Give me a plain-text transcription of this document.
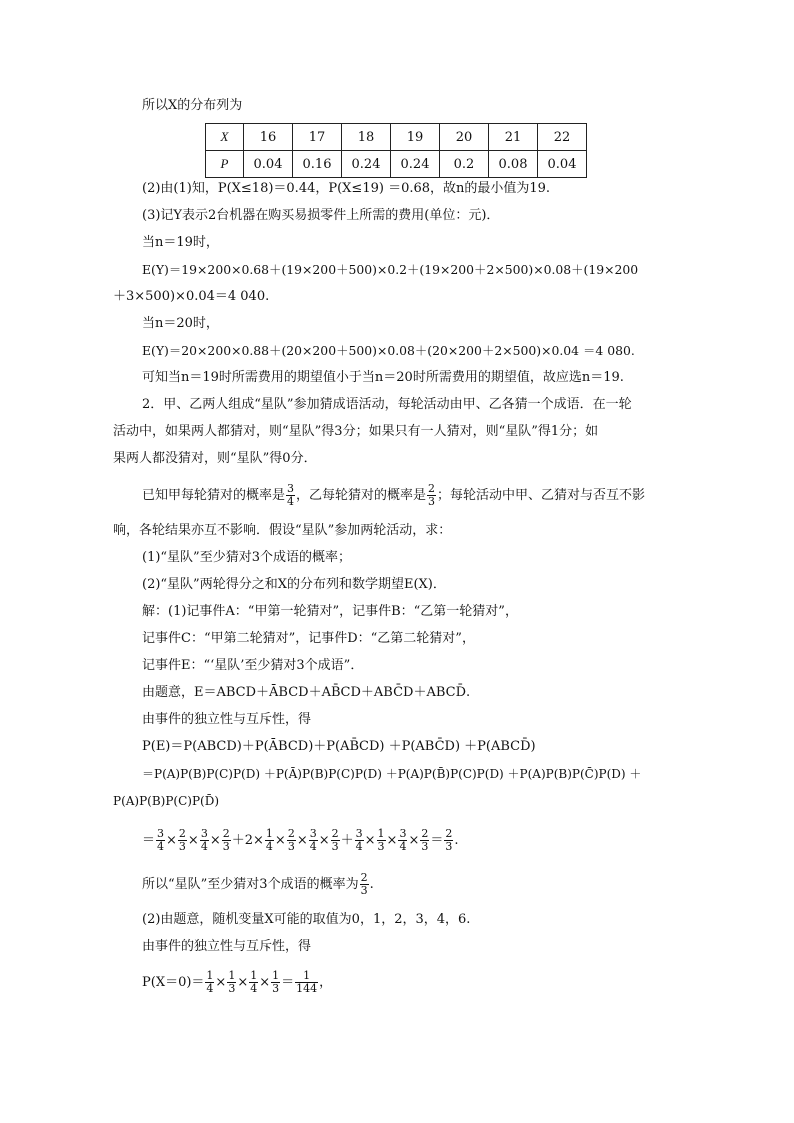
所以X的分布列为
X	16	17	18	19	20	21	22
P	0.04	0.16	0.24	0.24	0.2	0.08	0.04
(2)由(1)知，P(X≤18)＝0.44，P(X≤19) ＝0.68，故n的最小值为19.
(3)记Y表示2台机器在购买易损零件上所需的费用(单位：元)．
当n＝19时，
E(Y)＝19×200×0.68＋(19×200＋500)×0.2＋(19×200＋2×500)×0.08＋(19×200
＋3×500)×0.04＝4 040.
当n＝20时，
E(Y)＝20×200×0.88＋(20×200＋500)×0.08＋(20×200＋2×500)×0.04 ＝4 080.
可知当n＝19时所需费用的期望值小于当n＝20时所需费用的期望值，故应选n＝19.
2．甲、乙两人组成“星队”参加猜成语活动，每轮活动由甲、乙各猜一个成语．在一轮
活动中，如果两人都猜对，则“星队”得3分；如果只有一人猜对，则“星队”得1分；如
果两人都没猜对，则“星队”得0分．
已知甲每轮猜对的概率是 $\frac{3}{4}$ ，乙每轮猜对的概率是 $\frac{2}{3}$ ；每轮活动中甲、乙猜对与否互不影
响，各轮结果亦互不影响．假设“星队”参加两轮活动，求：
(1)“星队”至少猜对3个成语的概率；
(2)“星队”两轮得分之和X的分布列和数学期望E(X)．
解：(1)记事件A：“甲第一轮猜对”，记事件B：“乙第一轮猜对”，
记事件C：“甲第二轮猜对”，记事件D：“乙第二轮猜对”，
记事件E：“‘星队’至少猜对3个成语”．
由题意，E＝ABCD＋ĀBCD＋AB̄CD＋ABC̄D＋ABCD̄.
由事件的独立性与互斥性，得
P(E)＝P(ABCD)＋P(ĀBCD)＋P(AB̄CD) ＋P(ABC̄D) ＋P(ABCD̄)
＝P(A)P(B)P(C)P(D) ＋P(Ā)P(B)P(C)P(D) ＋P(A)P(B̄)P(C)P(D) ＋P(A)P(B)P(C̄)P(D) ＋
P(A)P(B)P(C)P(D̄)
＝ $\frac{3}{4} \times \frac{2}{3} \times \frac{3}{4} \times \frac{2}{3} +2\times \frac{1}{4} \times \frac{2}{3} \times \frac{3}{4} \times \frac{2}{3} + \frac{3}{4} \times \frac{1}{3} \times \frac{3}{4} \times \frac{2}{3} = \frac{2}{3}$ .
所以“星队”至少猜对3个成语的概率为 $\frac{2}{3}$ .
(2)由题意，随机变量X可能的取值为0，1，2，3，4，6.
由事件的独立性与互斥性，得
$P(X=0)= \frac{1}{4} \times \frac{1}{3} \times \frac{1}{4} \times \frac{1}{3} = \frac{1}{144}$ ，
